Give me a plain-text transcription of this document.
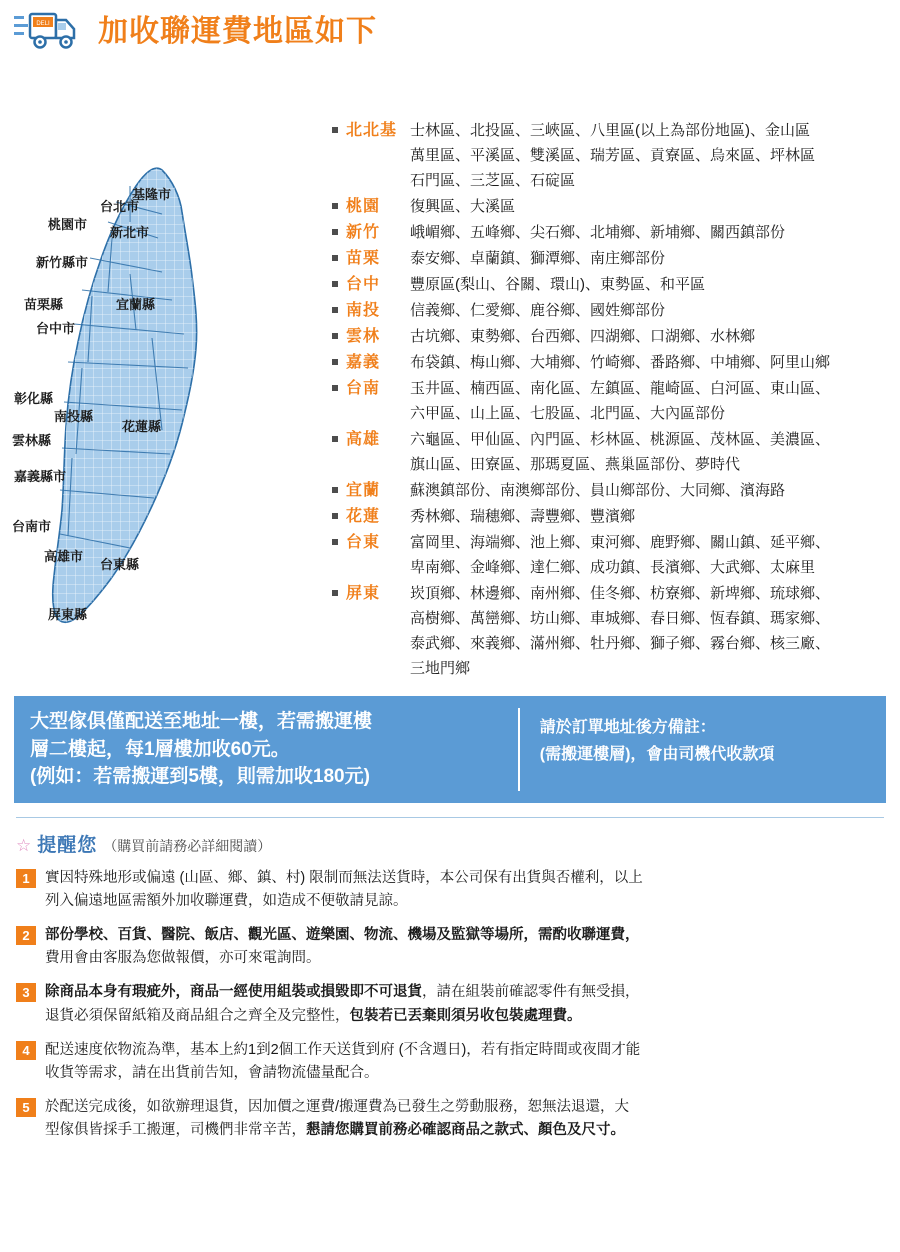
DELI 加收聯運費地區如下
基隆市
台北市
桃園市
新北市
新竹縣市
宜蘭縣
苗栗縣
台中市
彰化縣
南投縣
花蓮縣
雲林縣
嘉義縣市
台南市
高雄市
台東縣
屏東縣
北北基 士林區、北投區、三峽區、八里區(以上為部份地區)、金山區
萬里區、平溪區、雙溪區、瑞芳區、貢寮區、烏來區、坪林區
石門區、三芝區、石碇區
桃園	復興區、大溪區
新竹	峨嵋鄉、五峰鄉、尖石鄉、北埔鄉、新埔鄉、關西鎮部份
苗栗	泰安鄉、卓蘭鎮、獅潭鄉、南庄鄉部份
台中	豐原區(梨山、谷關、環山)、東勢區、和平區
南投	信義鄉、仁愛鄉、鹿谷鄉、國姓鄉部份
雲林	古坑鄉、東勢鄉、台西鄉、四湖鄉、口湖鄉、水林鄉
嘉義	布袋鎮、梅山鄉、大埔鄉、竹崎鄉、番路鄉、中埔鄉、阿里山鄉
台南	玉井區、楠西區、南化區、左鎮區、龍崎區、白河區、東山區、
六甲區、山上區、七股區、北門區、大內區部份
高雄	六龜區、甲仙區、內門區、杉林區、桃源區、茂林區、美濃區、
旗山區、田寮區、那瑪夏區、燕巢區部份、夢時代
宜蘭	蘇澳鎮部份、南澳鄉部份、員山鄉部份、大同鄉、濱海路
花蓮	秀林鄉、瑞穗鄉、壽豐鄉、豐濱鄉
台東	富岡里、海端鄉、池上鄉、東河鄉、鹿野鄉、關山鎮、延平鄉、
卑南鄉、金峰鄉、達仁鄉、成功鎮、長濱鄉、大武鄉、太麻里
屏東	崁頂鄉、林邊鄉、南州鄉、佳冬鄉、枋寮鄉、新埤鄉、琉球鄉、
高樹鄉、萬巒鄉、坊山鄉、車城鄉、春日鄉、恆春鎮、瑪家鄉、
泰武鄉、來義鄉、滿州鄉、牡丹鄉、獅子鄉、霧台鄉、核三廠、
三地門鄉
大型傢俱僅配送至地址一樓，若需搬運樓
層二樓起，每1層樓加收60元。
(例如：若需搬運到5樓，則需加收180元)
請於訂單地址後方備註：
(需搬運樓層)，會由司機代收款項
☆ 提醒您 （購買前請務必詳細閱讀）
1	實因特殊地形或偏遠 (山區、鄉、鎮、村) 限制而無法送貨時，本公司保有出貨與否權利，以上
列入偏遠地區需額外加收聯運費，如造成不便敬請見諒。
2	部份學校、百貨、醫院、飯店、觀光區、遊樂園、物流、機場及監獄等場所，需酌收聯運費，
費用會由客服為您做報價，亦可來電詢問。
3	除商品本身有瑕疵外，商品一經使用組裝或損毀即不可退貨，請在組裝前確認零件有無受損，
退貨必須保留紙箱及商品組合之齊全及完整性，包裝若已丟棄則須另收包裝處理費。
4	配送速度依物流為準，基本上約1到2個工作天送貨到府 (不含週日)，若有指定時間或夜間才能
收貨等需求，請在出貨前告知，會請物流儘量配合。
5	於配送完成後，如欲辦理退貨，因加價之運費/搬運費為已發生之勞動服務，恕無法退還，大
型傢俱皆採手工搬運，司機們非常辛苦，懇請您購買前務必確認商品之款式、顏色及尺寸。
